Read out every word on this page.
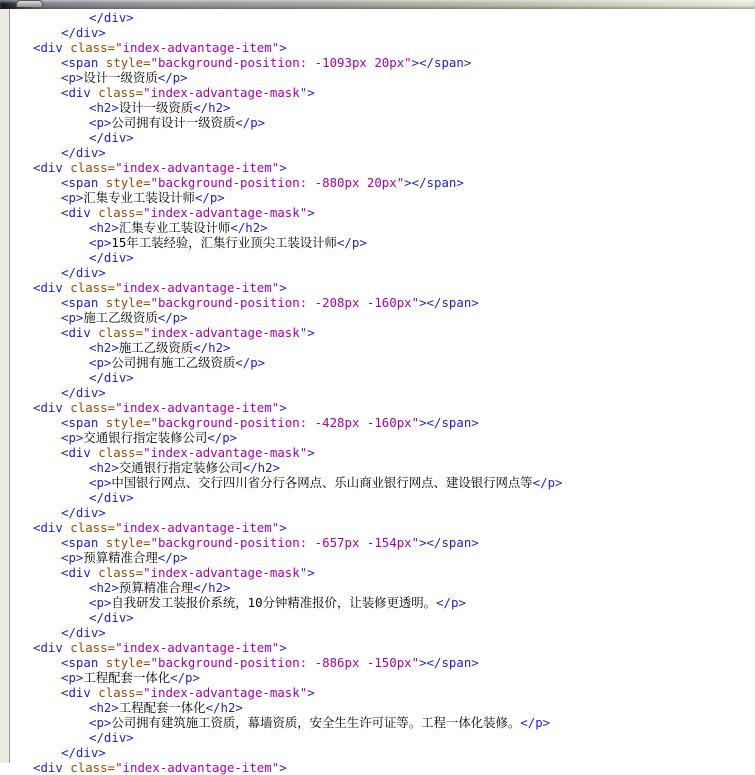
</div>
</div>
<div class="index-advantage-item">
<span style="background-position: -1093px 20px"></span>
<p>设计一级资质</p>
<div class="index-advantage-mask">
<h2>设计一级资质</h2>
<p>公司拥有设计一级资质</p>
</div>
</div>
<div class="index-advantage-item">
<span style="background-position: -880px 20px"></span>
<p>汇集专业工装设计师</p>
<div class="index-advantage-mask">
<h2>汇集专业工装设计师</h2>
<p>15年工装经验，汇集行业顶尖工装设计师</p>
</div>
</div>
<div class="index-advantage-item">
<span style="background-position: -208px -160px"></span>
<p>施工乙级资质</p>
<div class="index-advantage-mask">
<h2>施工乙级资质</h2>
<p>公司拥有施工乙级资质</p>
</div>
</div>
<div class="index-advantage-item">
<span style="background-position: -428px -160px"></span>
<p>交通银行指定装修公司</p>
<div class="index-advantage-mask">
<h2>交通银行指定装修公司</h2>
<p>中国银行网点、交行四川省分行各网点、乐山商业银行网点、建设银行网点等</p>
</div>
</div>
<div class="index-advantage-item">
<span style="background-position: -657px -154px"></span>
<p>预算精准合理</p>
<div class="index-advantage-mask">
<h2>预算精准合理</h2>
<p>自我研发工装报价系统，10分钟精准报价，让装修更透明。</p>
</div>
</div>
<div class="index-advantage-item">
<span style="background-position: -886px -150px"></span>
<p>工程配套一体化</p>
<div class="index-advantage-mask">
<h2>工程配套一体化</h2>
<p>公司拥有建筑施工资质，幕墙资质，安全生生许可证等。工程一体化装修。</p>
</div>
</div>
<div class="index-advantage-item">
